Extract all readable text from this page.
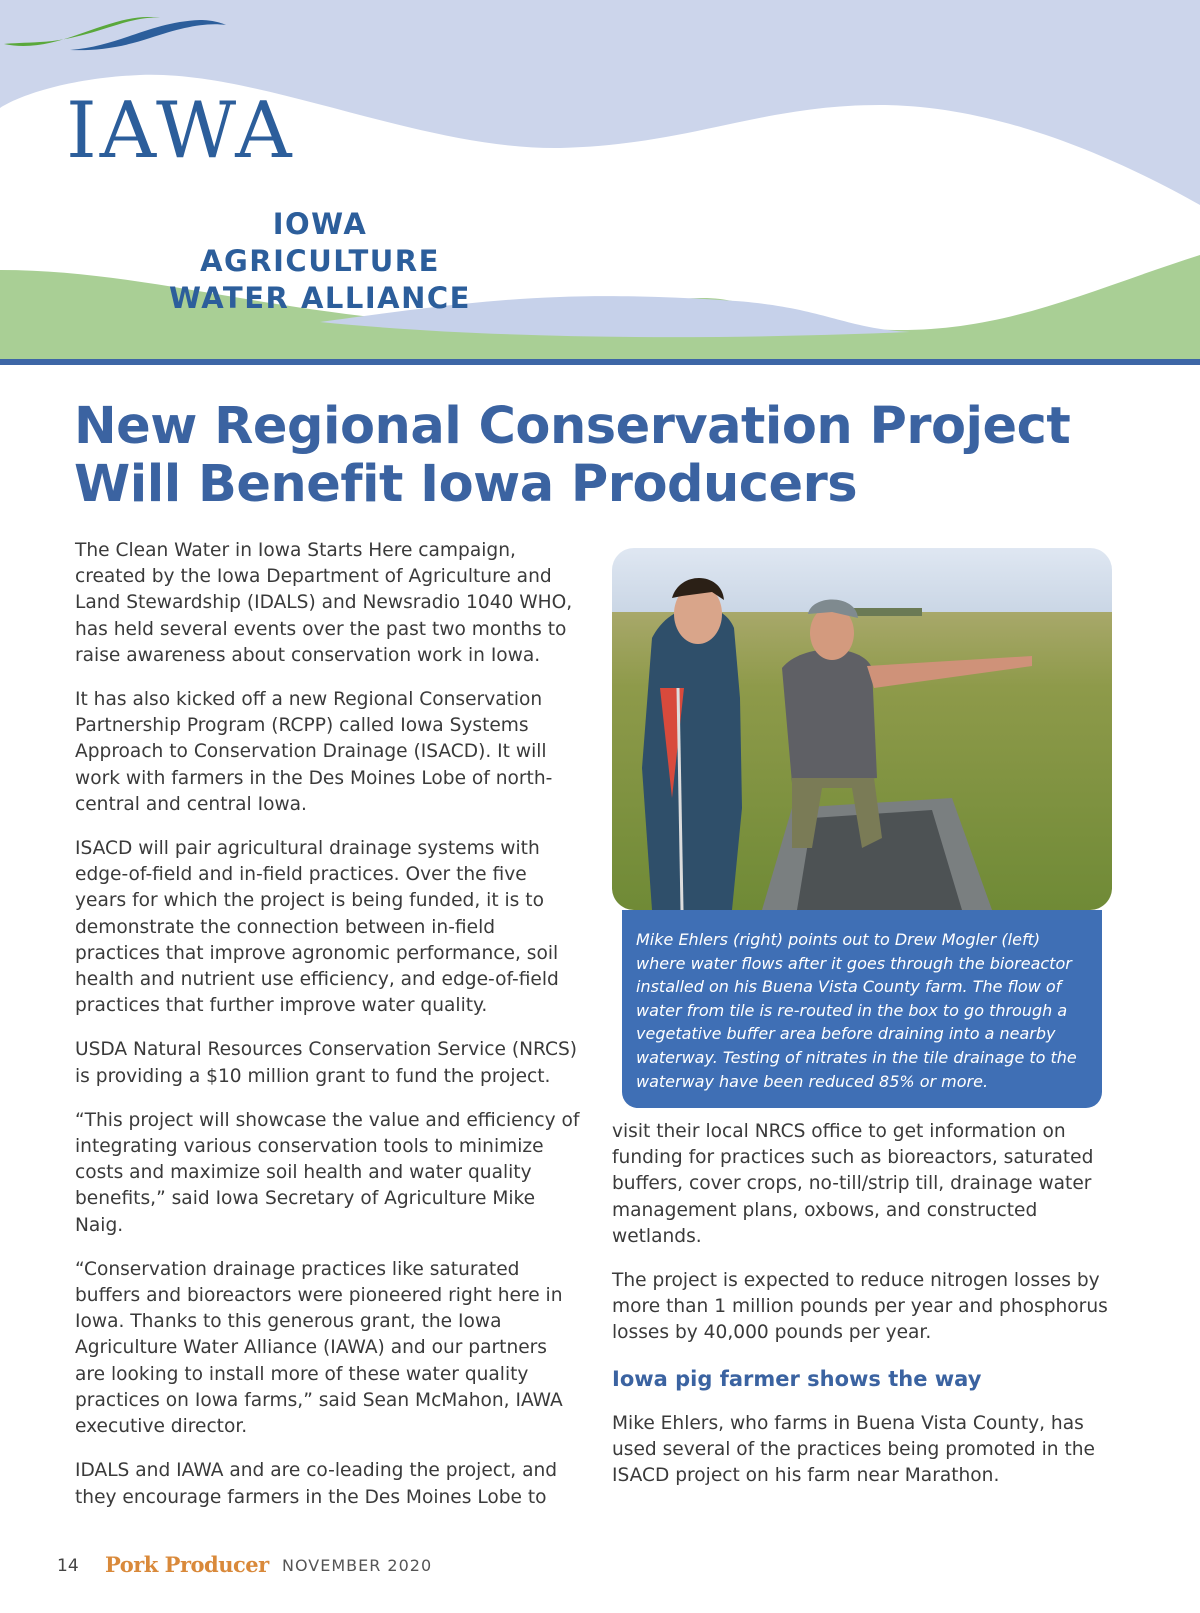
IAWA
IOWA AGRICULTURE
WATER ALLIANCE
New Regional Conservation Project
Will Benefit Iowa Producers

The Clean Water in Iowa Starts Here campaign, created by the Iowa Department of Agriculture and Land Stewardship (IDALS) and Newsradio 1040 WHO, has held several events over the past two months to raise awareness about conservation work in Iowa.

It has also kicked off a new Regional Conservation Partnership Program (RCPP) called Iowa Systems Approach to Conservation Drainage (ISACD). It will work with farmers in the Des Moines Lobe of north-central and central Iowa.

ISACD will pair agricultural drainage systems with edge-of-field and in-field practices. Over the five years for which the project is being funded, it is to demonstrate the connection between in-field practices that improve agronomic performance, soil health and nutrient use efficiency, and edge-of-field practices that further improve water quality.

USDA Natural Resources Conservation Service (NRCS) is providing a $10 million grant to fund the project.

“This project will showcase the value and efficiency of integrating various conservation tools to minimize costs and maximize soil health and water quality benefits,” said Iowa Secretary of Agriculture Mike Naig.

“Conservation drainage practices like saturated buffers and bioreactors were pioneered right here in Iowa. Thanks to this generous grant, the Iowa Agriculture Water Alliance (IAWA) and our partners are looking to install more of these water quality practices on Iowa farms,” said Sean McMahon, IAWA executive director.

IDALS and IAWA and are co-leading the project, and they encourage farmers in the Des Moines Lobe to

Mike Ehlers (right) points out to Drew Mogler (left) where water flows after it goes through the bioreactor installed on his Buena Vista County farm. The flow of water from tile is re-routed in the box to go through a vegetative buffer area before draining into a nearby waterway. Testing of nitrates in the tile drainage to the waterway have been reduced 85% or more.

visit their local NRCS office to get information on funding for practices such as bioreactors, saturated buffers, cover crops, no-till/strip till, drainage water management plans, oxbows, and constructed wetlands.

The project is expected to reduce nitrogen losses by more than 1 million pounds per year and phosphorus losses by 40,000 pounds per year.

Iowa pig farmer shows the way

Mike Ehlers, who farms in Buena Vista County, has used several of the practices being promoted in the ISACD project on his farm near Marathon.

14 Pork Producer NOVEMBER 2020
